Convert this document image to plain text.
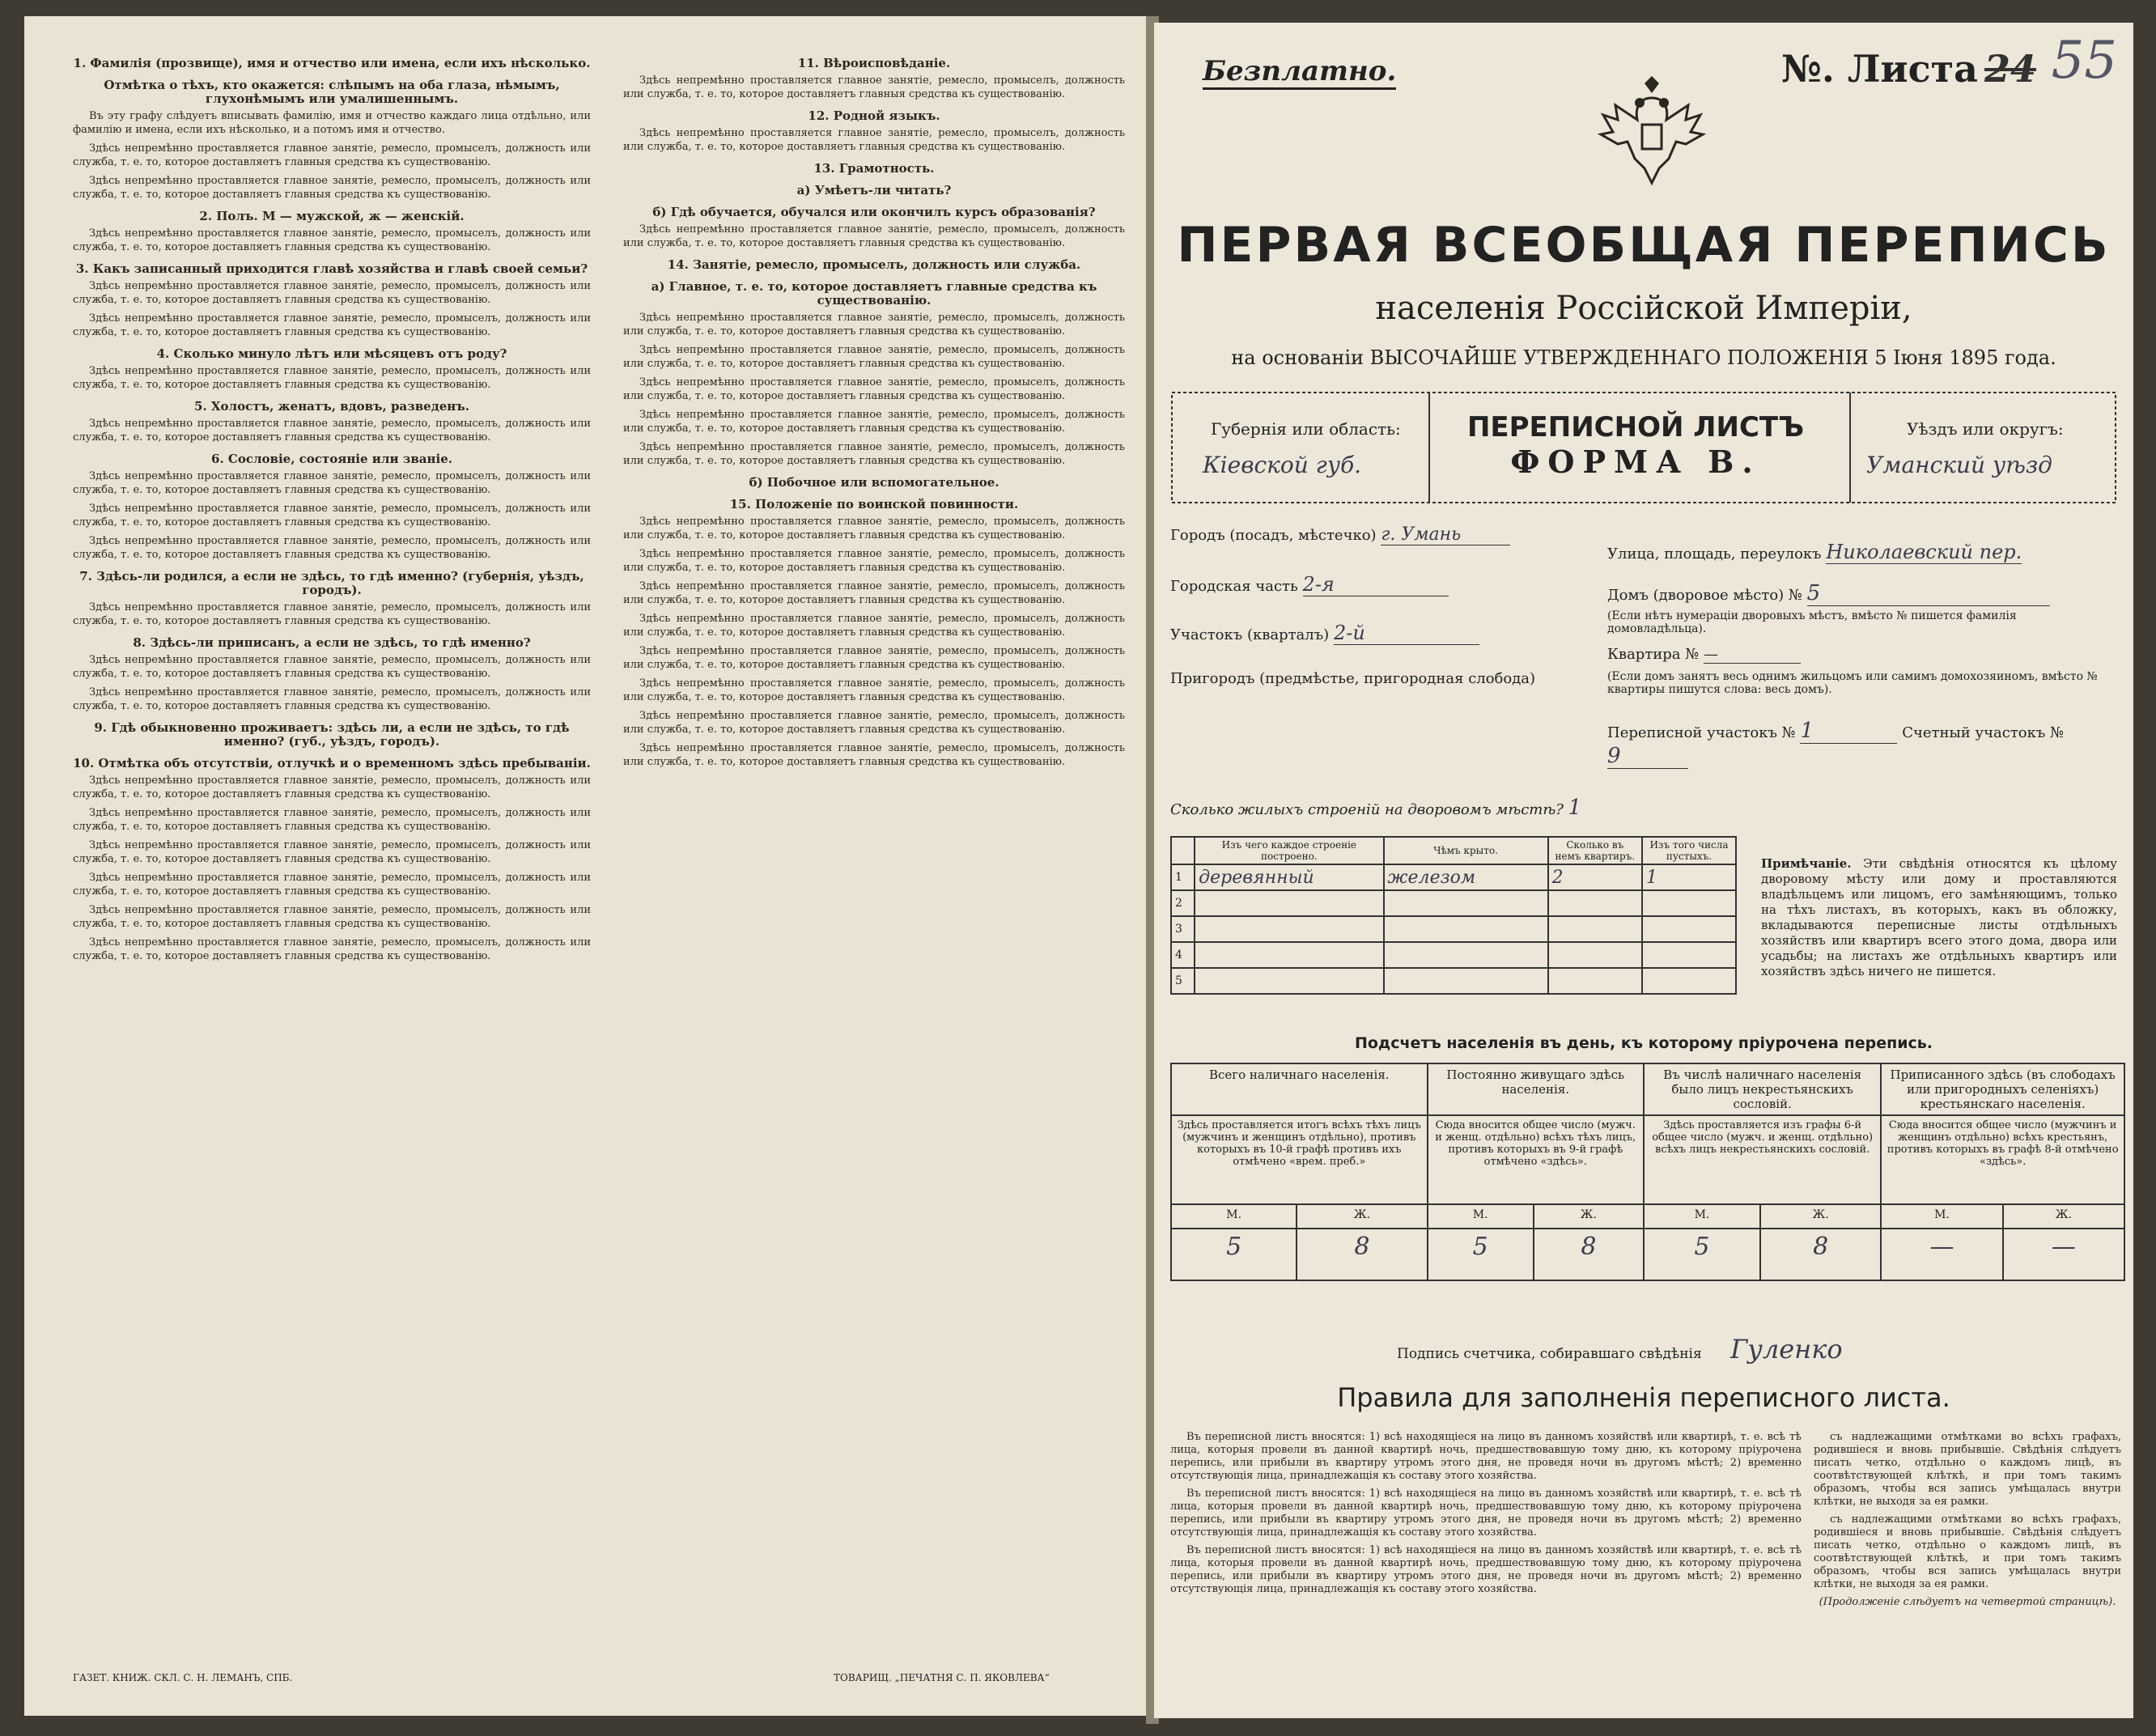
1. Фамилія (прозвище), имя и отчество или имена, если ихъ нѣсколько.
Отмѣтка о тѣхъ, кто окажется: слѣпымъ на оба глаза, нѣмымъ, глухонѣмымъ или умалишеннымъ.

Въ эту графу слѣдуетъ вписывать фамилію, имя и отчество каждаго лица отдѣльно, или фамилію и имена, если ихъ нѣсколько, и а потомъ имя и отчество.

Здѣсь непремѣнно проставляется главное занятіе, ремесло, промыселъ, должность или служба, т. е. то, которое доставляетъ главныя средства къ существованію.

Здѣсь непремѣнно проставляется главное занятіе, ремесло, промыселъ, должность или служба, т. е. то, которое доставляетъ главныя средства къ существованію.

2. Полъ. М — мужской, ж — женскій.

Здѣсь непремѣнно проставляется главное занятіе, ремесло, промыселъ, должность или служба, т. е. то, которое доставляетъ главныя средства къ существованію.

3. Какъ записанный приходится главѣ хозяйства и главѣ своей семьи?

Здѣсь непремѣнно проставляется главное занятіе, ремесло, промыселъ, должность или служба, т. е. то, которое доставляетъ главныя средства къ существованію.

Здѣсь непремѣнно проставляется главное занятіе, ремесло, промыселъ, должность или служба, т. е. то, которое доставляетъ главныя средства къ существованію.

4. Сколько минуло лѣтъ или мѣсяцевъ отъ роду?

Здѣсь непремѣнно проставляется главное занятіе, ремесло, промыселъ, должность или служба, т. е. то, которое доставляетъ главныя средства къ существованію.

5. Холостъ, женатъ, вдовъ, разведенъ.

Здѣсь непремѣнно проставляется главное занятіе, ремесло, промыселъ, должность или служба, т. е. то, которое доставляетъ главныя средства къ существованію.

6. Сословіе, состояніе или званіе.

Здѣсь непремѣнно проставляется главное занятіе, ремесло, промыселъ, должность или служба, т. е. то, которое доставляетъ главныя средства къ существованію.

Здѣсь непремѣнно проставляется главное занятіе, ремесло, промыселъ, должность или служба, т. е. то, которое доставляетъ главныя средства къ существованію.

Здѣсь непремѣнно проставляется главное занятіе, ремесло, промыселъ, должность или служба, т. е. то, которое доставляетъ главныя средства къ существованію.

7. Здѣсь-ли родился, а если не здѣсь, то гдѣ именно? (губернія, уѣздъ, городъ).

Здѣсь непремѣнно проставляется главное занятіе, ремесло, промыселъ, должность или служба, т. е. то, которое доставляетъ главныя средства къ существованію.

8. Здѣсь-ли приписанъ, а если не здѣсь, то гдѣ именно?

Здѣсь непремѣнно проставляется главное занятіе, ремесло, промыселъ, должность или служба, т. е. то, которое доставляетъ главныя средства къ существованію.

Здѣсь непремѣнно проставляется главное занятіе, ремесло, промыселъ, должность или служба, т. е. то, которое доставляетъ главныя средства къ существованію.

9. Гдѣ обыкновенно проживаетъ: здѣсь ли, а если не здѣсь, то гдѣ именно? (губ., уѣздъ, городъ).
10. Отмѣтка объ отсутствіи, отлучкѣ и о временномъ здѣсь пребываніи.

Здѣсь непремѣнно проставляется главное занятіе, ремесло, промыселъ, должность или служба, т. е. то, которое доставляетъ главныя средства къ существованію.

Здѣсь непремѣнно проставляется главное занятіе, ремесло, промыселъ, должность или служба, т. е. то, которое доставляетъ главныя средства къ существованію.

Здѣсь непремѣнно проставляется главное занятіе, ремесло, промыселъ, должность или служба, т. е. то, которое доставляетъ главныя средства къ существованію.

Здѣсь непремѣнно проставляется главное занятіе, ремесло, промыселъ, должность или служба, т. е. то, которое доставляетъ главныя средства къ существованію.

Здѣсь непремѣнно проставляется главное занятіе, ремесло, промыселъ, должность или служба, т. е. то, которое доставляетъ главныя средства къ существованію.

Здѣсь непремѣнно проставляется главное занятіе, ремесло, промыселъ, должность или служба, т. е. то, которое доставляетъ главныя средства къ существованію.

11. Вѣроисповѣданіе.

Здѣсь непремѣнно проставляется главное занятіе, ремесло, промыселъ, должность или служба, т. е. то, которое доставляетъ главныя средства къ существованію.

12. Родной языкъ.

Здѣсь непремѣнно проставляется главное занятіе, ремесло, промыселъ, должность или служба, т. е. то, которое доставляетъ главныя средства къ существованію.

13. Грамотность.
а) Умѣетъ-ли читать?
б) Гдѣ обучается, обучался или окончилъ курсъ образованія?

Здѣсь непремѣнно проставляется главное занятіе, ремесло, промыселъ, должность или служба, т. е. то, которое доставляетъ главныя средства къ существованію.

14. Занятіе, ремесло, промыселъ, должность или служба.
а) Главное, т. е. то, которое доставляетъ главные средства къ существованію.

Здѣсь непремѣнно проставляется главное занятіе, ремесло, промыселъ, должность или служба, т. е. то, которое доставляетъ главныя средства къ существованію.

Здѣсь непремѣнно проставляется главное занятіе, ремесло, промыселъ, должность или служба, т. е. то, которое доставляетъ главныя средства къ существованію.

Здѣсь непремѣнно проставляется главное занятіе, ремесло, промыселъ, должность или служба, т. е. то, которое доставляетъ главныя средства къ существованію.

Здѣсь непремѣнно проставляется главное занятіе, ремесло, промыселъ, должность или служба, т. е. то, которое доставляетъ главныя средства къ существованію.

Здѣсь непремѣнно проставляется главное занятіе, ремесло, промыселъ, должность или служба, т. е. то, которое доставляетъ главныя средства къ существованію.

б) Побочное или вспомогательное.
15. Положеніе по воинской повинности.

Здѣсь непремѣнно проставляется главное занятіе, ремесло, промыселъ, должность или служба, т. е. то, которое доставляетъ главныя средства къ существованію.

Здѣсь непремѣнно проставляется главное занятіе, ремесло, промыселъ, должность или служба, т. е. то, которое доставляетъ главныя средства къ существованію.

Здѣсь непремѣнно проставляется главное занятіе, ремесло, промыселъ, должность или служба, т. е. то, которое доставляетъ главныя средства къ существованію.

Здѣсь непремѣнно проставляется главное занятіе, ремесло, промыселъ, должность или служба, т. е. то, которое доставляетъ главныя средства къ существованію.

Здѣсь непремѣнно проставляется главное занятіе, ремесло, промыселъ, должность или служба, т. е. то, которое доставляетъ главныя средства къ существованію.

Здѣсь непремѣнно проставляется главное занятіе, ремесло, промыселъ, должность или служба, т. е. то, которое доставляетъ главныя средства къ существованію.

Здѣсь непремѣнно проставляется главное занятіе, ремесло, промыселъ, должность или служба, т. е. то, которое доставляетъ главныя средства къ существованію.

Здѣсь непремѣнно проставляется главное занятіе, ремесло, промыселъ, должность или служба, т. е. то, которое доставляетъ главныя средства къ существованію.

ГАЗЕТ. КНИЖ. СКЛ. С. Н. ЛЕМАНЪ, СПБ.	ТОВАРИЩ. „ПЕЧАТНЯ С. П. ЯКОВЛЕВА“
Безплатно.	№. Листа 24 55
ПЕРВАЯ ВСЕОБЩАЯ ПЕРЕПИСЬ
населенія Россійской Имперіи,
на основаніи ВЫСОЧАЙШЕ УТВЕРЖДЕННАГО ПОЛОЖЕНІЯ 5 Іюня 1895 года.
Губернія или область:
Кіевской губ.
ПЕРЕПИСНОЙ ЛИСТЪ
ФОРМА В.
Уѣздъ или округъ:
Уманский уѣзд
Городъ (посадъ, мѣстечко) г. Умань
Городская часть 2-я
Участокъ (кварталъ) 2-й
Пригородъ (предмѣстье, пригородная слобода)
Улица, площадь, переулокъ Николаевский пер.
Домъ (дворовое мѣсто) № 5
(Если нѣтъ нумераціи дворовыхъ мѣстъ, вмѣсто № пишется фамилія домовладѣльца).
Квартира № —
(Если домъ занятъ весь однимъ жильцомъ или самимъ домохозяиномъ, вмѣсто № квартиры пишутся слова: весь домъ).
Переписной участокъ № 1	Счетный участокъ № 9
Сколько жилыхъ строеній на дворовомъ мѣстѣ? 1
	Изъ чего каждое строеніе построено.	Чѣмъ крыто.	Сколько въ немъ квартиръ.	Изъ того числа пустыхъ.
1	деревянный	железом	2	1
2				
3				
4				
5				
Примѣчаніе. Эти свѣдѣнія относятся къ цѣлому дворовому мѣсту или дому и проставляются владѣльцемъ или лицомъ, его замѣняющимъ, только на тѣхъ листахъ, въ которыхъ, какъ въ обложку, вкладываются переписные листы отдѣльныхъ хозяйствъ или квартиръ всего этого дома, двора или усадьбы; на листахъ же отдѣльныхъ квартиръ или хозяйствъ здѣсь ничего не пишется.
Подсчетъ населенія въ день, къ которому пріурочена перепись.
Всего наличнаго населенія.		Постоянно живущаго здѣсь населенія.		Въ числѣ наличнаго населенія было лицъ некрестьянскихъ сословій.		Приписанного здѣсь (въ слободахъ или пригородныхъ селеніяхъ) крестьянскаго населенія.	
Здѣсь проставляется итогъ всѣхъ тѣхъ лицъ (мужчинъ и женщинъ отдѣльно), противъ которыхъ въ 10-й графѣ противъ ихъ отмѣчено «врем. преб.»		Сюда вносится общее число (мужч. и женщ. отдѣльно) всѣхъ тѣхъ лицъ, противъ которыхъ въ 9-й графѣ отмѣчено «здѣсь».		Здѣсь проставляется изъ графы 6-й общее число (мужч. и женщ. отдѣльно) всѣхъ лицъ некрестьянскихъ сословій.		Сюда вносится общее число (мужчинъ и женщинъ отдѣльно) всѣхъ крестьянъ, противъ которыхъ въ графѣ 8-й отмѣчено «здѣсь».	
М.	Ж.	М.	Ж.	М.	Ж.	М.	Ж.
5	8	5	8	5	8	—	—
Подпись счетчика, собиравшаго свѣдѣнія Гуленко
Правила для заполненія переписного листа.

Въ переписной листъ вносятся: 1) всѣ находящіеся на лицо въ данномъ хозяйствѣ или квартирѣ, т. е. всѣ тѣ лица, которыя провели въ данной квартирѣ ночь, предшествовавшую тому дню, къ которому пріурочена перепись, или прибыли въ квартиру утромъ этого дня, не проведя ночи въ другомъ мѣстѣ; 2) временно отсутствующія лица, принадлежащія къ составу этого хозяйства.

Въ переписной листъ вносятся: 1) всѣ находящіеся на лицо въ данномъ хозяйствѣ или квартирѣ, т. е. всѣ тѣ лица, которыя провели въ данной квартирѣ ночь, предшествовавшую тому дню, къ которому пріурочена перепись, или прибыли въ квартиру утромъ этого дня, не проведя ночи въ другомъ мѣстѣ; 2) временно отсутствующія лица, принадлежащія къ составу этого хозяйства.

Въ переписной листъ вносятся: 1) всѣ находящіеся на лицо въ данномъ хозяйствѣ или квартирѣ, т. е. всѣ тѣ лица, которыя провели въ данной квартирѣ ночь, предшествовавшую тому дню, къ которому пріурочена перепись, или прибыли въ квартиру утромъ этого дня, не проведя ночи въ другомъ мѣстѣ; 2) временно отсутствующія лица, принадлежащія къ составу этого хозяйства.

съ надлежащими отмѣтками во всѣхъ графахъ, родившіеся и вновь прибывшіе. Свѣдѣнія слѣдуетъ писать четко, отдѣльно о каждомъ лицѣ, въ соотвѣтствующей клѣткѣ, и при томъ такимъ образомъ, чтобы вся запись умѣщалась внутри клѣтки, не выходя за ея рамки.

съ надлежащими отмѣтками во всѣхъ графахъ, родившіеся и вновь прибывшіе. Свѣдѣнія слѣдуетъ писать четко, отдѣльно о каждомъ лицѣ, въ соотвѣтствующей клѣткѣ, и при томъ такимъ образомъ, чтобы вся запись умѣщалась внутри клѣтки, не выходя за ея рамки.

(Продолженіе слѣдуетъ на четвертой страницѣ).
